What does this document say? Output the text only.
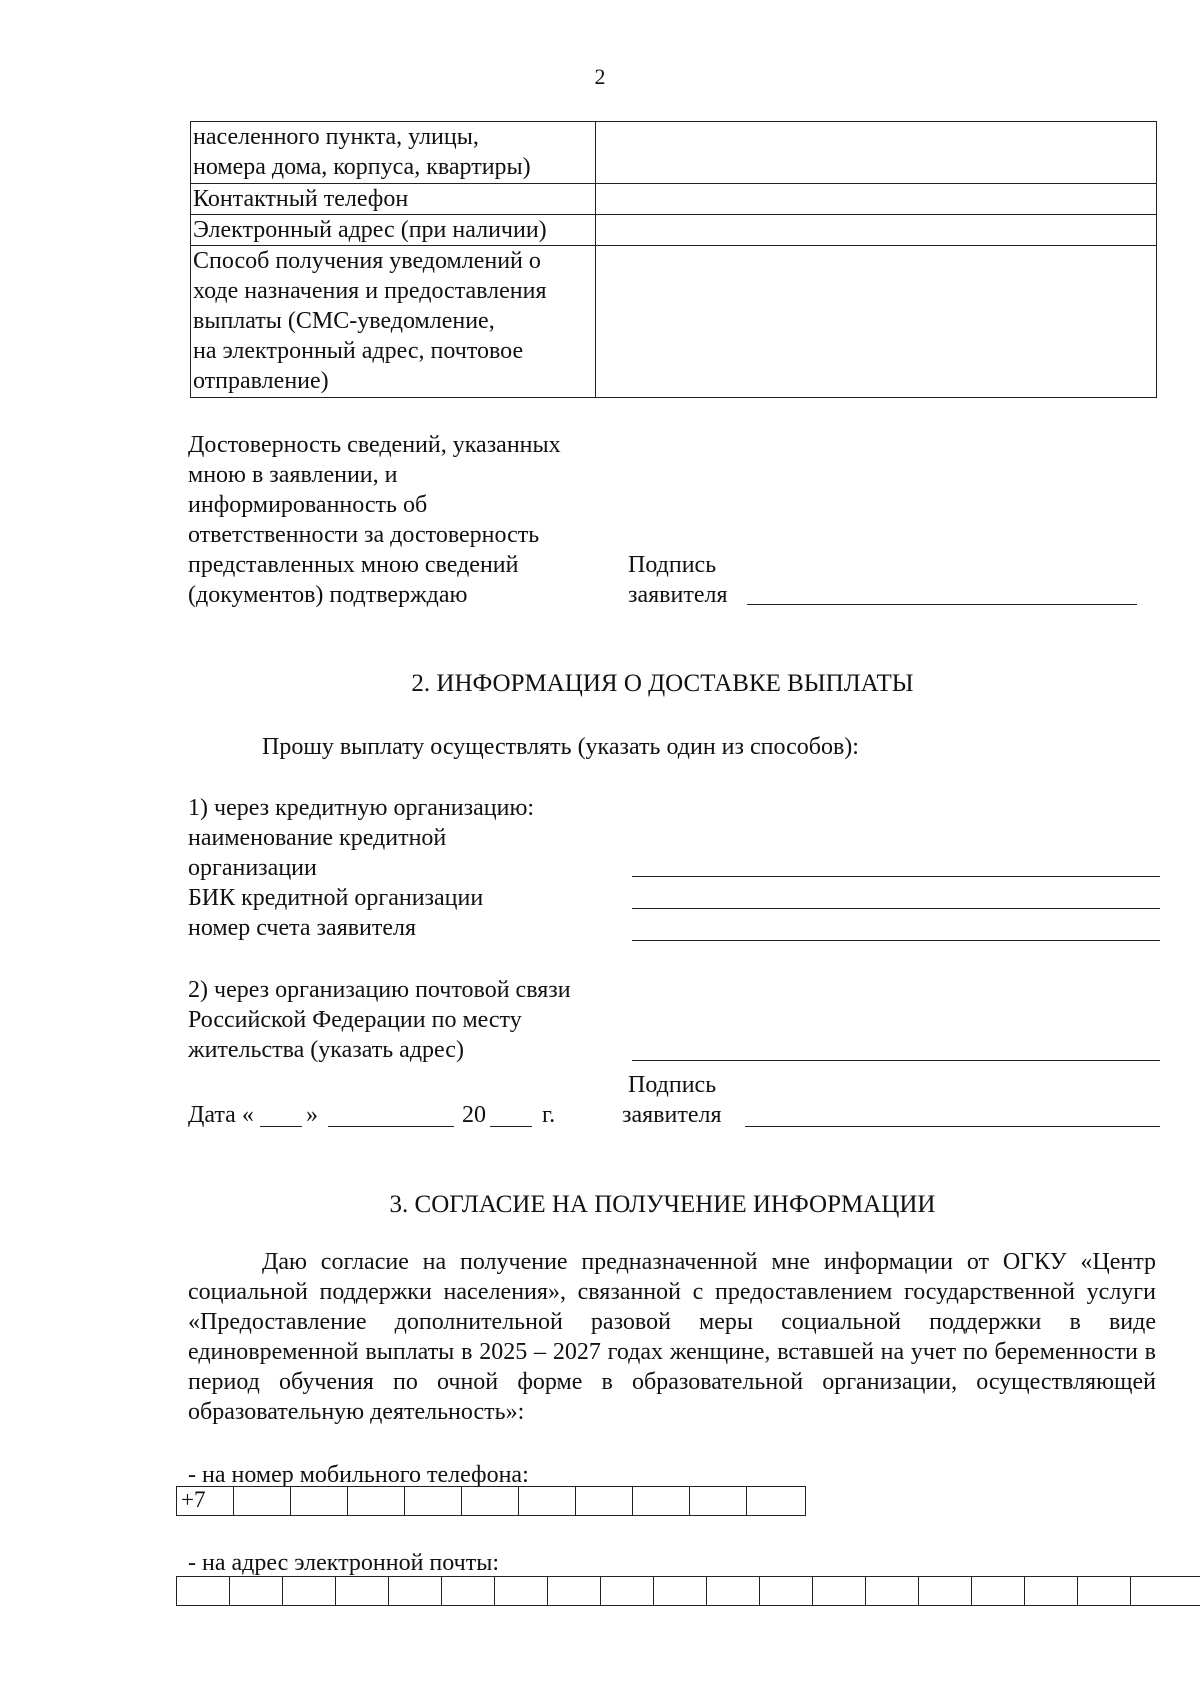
2
населенного пункта, улицы,
номера дома, корпуса, квартиры)	

Контактный телефон	

Электронный адрес (при наличии)	

Способ получения уведомлений о
ходе назначения и предоставления
выплаты (СМС-уведомление,
на электронный адрес, почтовое
отправление)	

Достоверность сведений, указанных
мною в заявлении, и
информированность об
ответственности за достоверность
представленных мною сведений
(документов) подтверждаю
Подпись
заявителя
2. ИНФОРМАЦИЯ О ДОСТАВКЕ ВЫПЛАТЫ
Прошу выплату осуществлять (указать один из способов):
1) через кредитную организацию:
наименование кредитной
организации
БИК кредитной организации
номер счета заявителя
2) через организацию почтовой связи
Российской Федерации по месту
жительства (указать адрес)
Дата « »	20 г.
Подпись
заявителя
3. СОГЛАСИЕ НА ПОЛУЧЕНИЕ ИНФОРМАЦИИ
Даю согласие на получение предназначенной мне информации от ОГКУ «Центр социальной поддержки населения», связанной с предоставлением государственной услуги «Предоставление дополнительной разовой меры социальной поддержки в виде единовременной выплаты в 2025 – 2027 годах женщине, вставшей на учет по беременности в период обучения по очной форме в образовательной организации, осуществляющей образовательную деятельность»:
- на номер мобильного телефона:
+7
- на адрес электронной почты:
